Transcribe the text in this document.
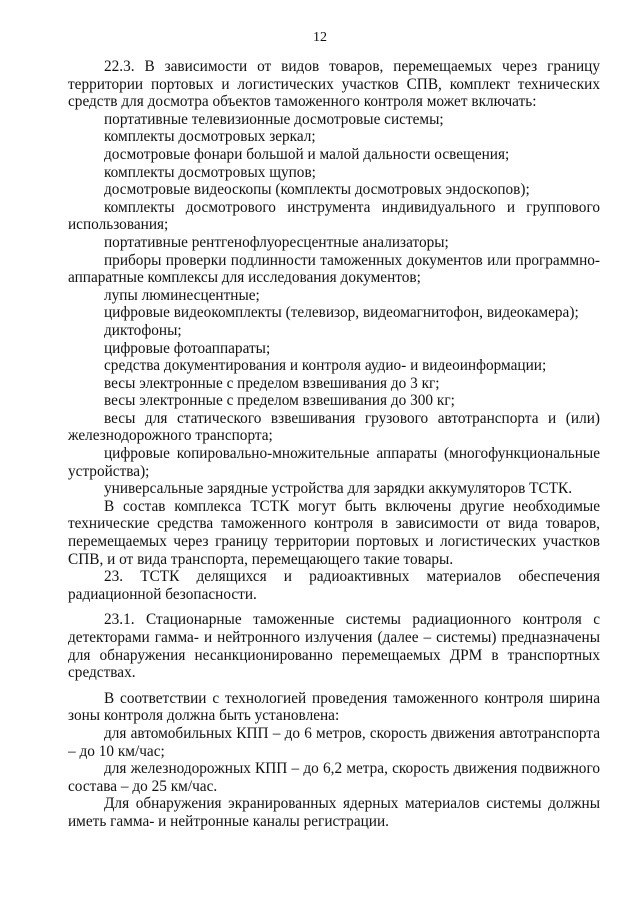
12

22.3. В зависимости от видов товаров, перемещаемых через границу территории портовых и логистических участков СПВ, комплект технических средств для досмотра объектов таможенного контроля может включать:

портативные телевизионные досмотровые системы;

комплекты досмотровых зеркал;

досмотровые фонари большой и малой дальности освещения;

комплекты досмотровых щупов;

досмотровые видеоскопы (комплекты досмотровых эндоскопов);

комплекты досмотрового инструмента индивидуального и группового использования;

портативные рентгенофлуоресцентные анализаторы;

приборы проверки подлинности таможенных документов или программно-аппаратные комплексы для исследования документов;

лупы люминесцентные;

цифровые видеокомплекты (телевизор, видеомагнитофон, видеокамера);

диктофоны;

цифровые фотоаппараты;

средства документирования и контроля аудио- и видеоинформации;

весы электронные с пределом взвешивания до 3 кг;

весы электронные с пределом взвешивания до 300 кг;

весы для статического взвешивания грузового автотранспорта и (или) железнодорожного транспорта;

цифровые копировально-множительные аппараты (многофункциональные устройства);

универсальные зарядные устройства для зарядки аккумуляторов ТСТК.

В состав комплекса ТСТК могут быть включены другие необходимые технические средства таможенного контроля в зависимости от вида товаров, перемещаемых через границу территории портовых и логистических участков СПВ, и от вида транспорта, перемещающего такие товары.

23. ТСТК делящихся и радиоактивных материалов обеспечения радиационной безопасности.

23.1. Стационарные таможенные системы радиационного контроля с детекторами гамма- и нейтронного излучения (далее – системы) предназначены для обнаружения несанкционированно перемещаемых ДРМ в транспортных средствах.

В соответствии с технологией проведения таможенного контроля ширина зоны контроля должна быть установлена:

для автомобильных КПП – до 6 метров, скорость движения автотранспорта – до 10 км/час;

для железнодорожных КПП – до 6,2 метра, скорость движения подвижного состава – до 25 км/час.

Для обнаружения экранированных ядерных материалов системы должны иметь гамма- и нейтронные каналы регистрации.
